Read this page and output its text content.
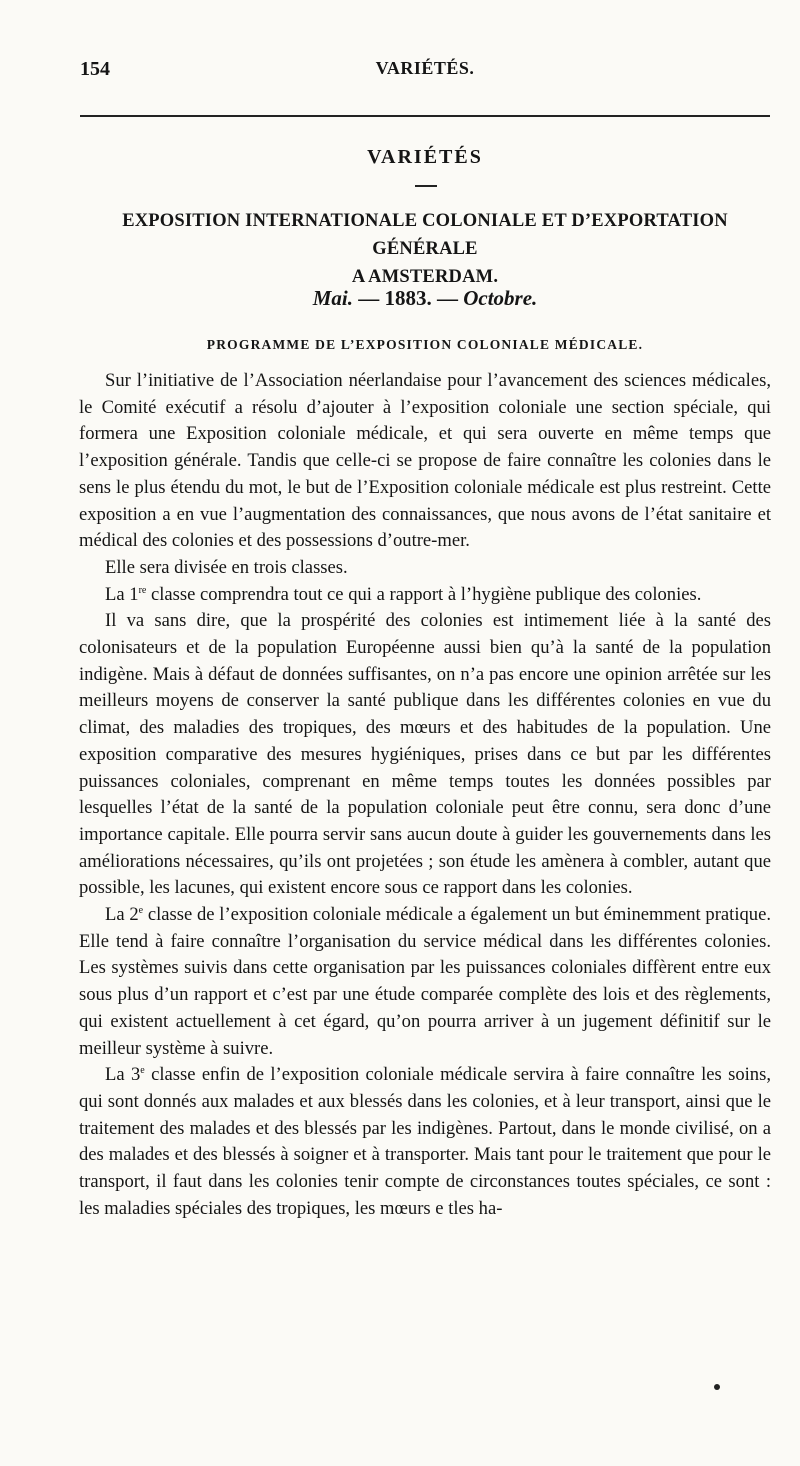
154	VARIÉTÉS.
VARIÉTÉS
EXPOSITION INTERNATIONALE COLONIALE ET D’EXPORTATION GÉNÉRALE
A AMSTERDAM.
Mai. — 1883. — Octobre.
PROGRAMME DE L’EXPOSITION COLONIALE MÉDICALE.

Sur l’initiative de l’Association néerlandaise pour l’avancement des sciences médicales, le Comité exécutif a résolu d’ajouter à l’exposition coloniale une section spéciale, qui formera une Exposition coloniale médicale, et qui sera ouverte en même temps que l’exposition générale. Tandis que celle-ci se propose de faire connaître les colonies dans le sens le plus étendu du mot, le but de l’Exposition coloniale médicale est plus restreint. Cette exposition a en vue l’augmentation des connaissances, que nous avons de l’état sanitaire et médical des colonies et des possessions d’outre-mer.

Elle sera divisée en trois classes.

La 1re classe comprendra tout ce qui a rapport à l’hygiène publique des colonies.

Il va sans dire, que la prospérité des colonies est intimement liée à la santé des colonisateurs et de la population Européenne aussi bien qu’à la santé de la population indigène. Mais à défaut de données suffisantes, on n’a pas encore une opinion arrêtée sur les meilleurs moyens de conserver la santé publique dans les différentes colonies en vue du climat, des maladies des tropiques, des mœurs et des habitudes de la population. Une exposition comparative des mesures hygiéniques, prises dans ce but par les différentes puissances coloniales, comprenant en même temps toutes les données possibles par lesquelles l’état de la santé de la population coloniale peut être connu, sera donc d’une importance capitale. Elle pourra servir sans aucun doute à guider les gouvernements dans les améliorations nécessaires, qu’ils ont projetées ; son étude les amènera à combler, autant que possible, les lacunes, qui existent encore sous ce rapport dans les colonies.

La 2e classe de l’exposition coloniale médicale a également un but éminemment pratique. Elle tend à faire connaître l’organisation du service médical dans les différentes colonies. Les systèmes suivis dans cette organisation par les puissances coloniales diffèrent entre eux sous plus d’un rapport et c’est par une étude comparée complète des lois et des règlements, qui existent actuellement à cet égard, qu’on pourra arriver à un jugement définitif sur le meilleur système à suivre.

La 3e classe enfin de l’exposition coloniale médicale servira à faire connaître les soins, qui sont donnés aux malades et aux blessés dans les colonies, et à leur transport, ainsi que le traitement des malades et des blessés par les indigènes. Partout, dans le monde civilisé, on a des malades et des blessés à soigner et à transporter. Mais tant pour le traitement que pour le transport, il faut dans les colonies tenir compte de circonstances toutes spéciales, ce sont : les maladies spéciales des tropiques, les mœurs e tles ha-
